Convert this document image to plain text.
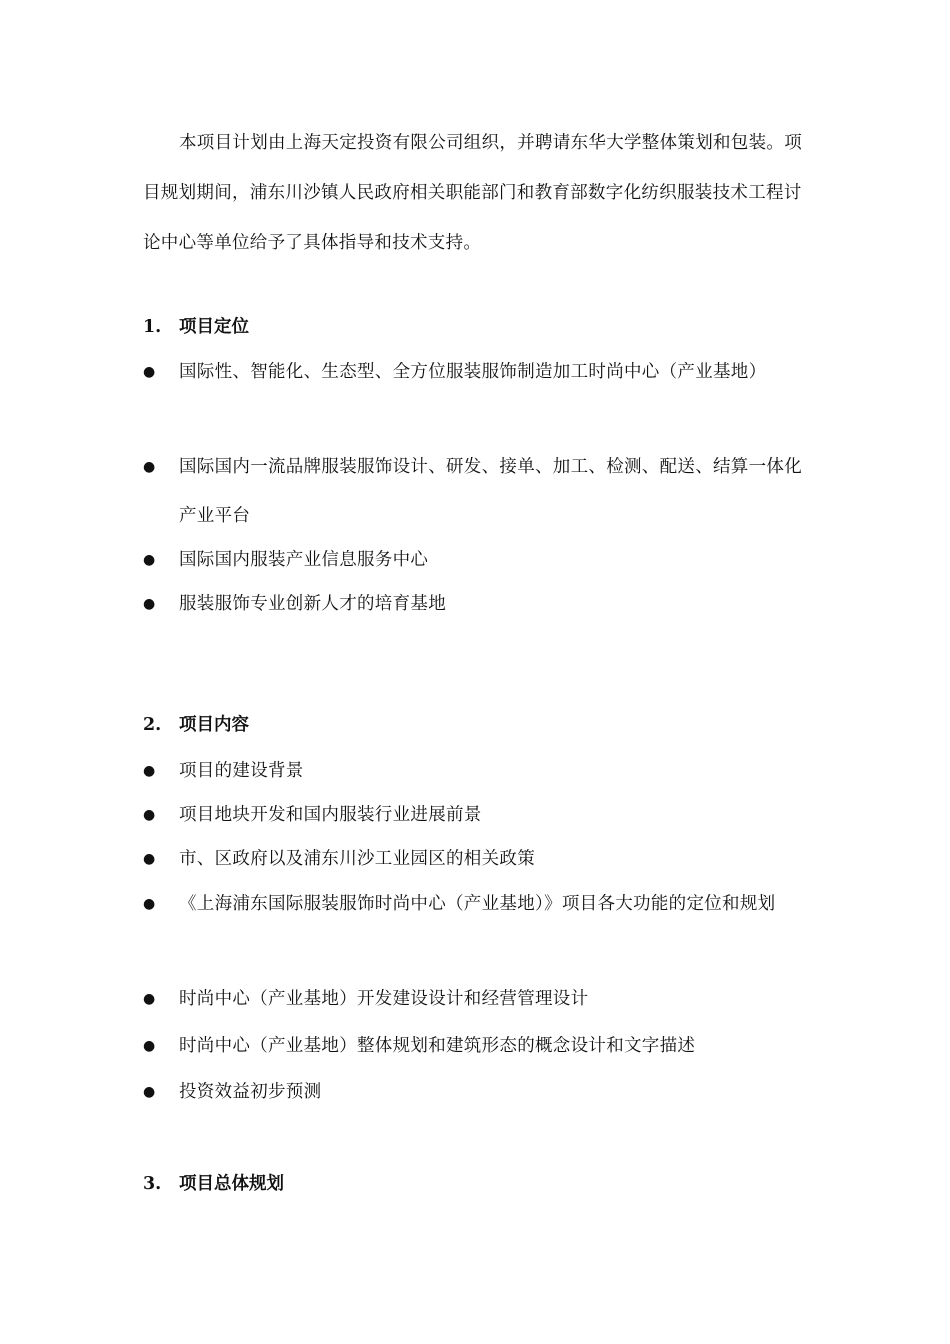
本项目计划由上海天定投资有限公司组织，并聘请东华大学整体策划和包装。项目规划期间，浦东川沙镇人民政府相关职能部门和教育部数字化纺织服装技术工程讨论中心等单位给予了具体指导和技术支持。

1. 项目定位
●	国际性、智能化、生态型、全方位服装服饰制造加工时尚中心（产业基地）
●	国际国内一流品牌服装服饰设计、研发、接单、加工、检测、配送、结算一体化产业平台
●	国际国内服装产业信息服务中心
●	服装服饰专业创新人才的培育基地
2. 项目内容
●	项目的建设背景
●	项目地块开发和国内服装行业进展前景
●	市、区政府以及浦东川沙工业园区的相关政策
●	《上海浦东国际服装服饰时尚中心（产业基地）》项目各大功能的定位和规划
●	时尚中心（产业基地）开发建设设计和经营管理设计
●	时尚中心（产业基地）整体规划和建筑形态的概念设计和文字描述
●	投资效益初步预测
3. 项目总体规划
